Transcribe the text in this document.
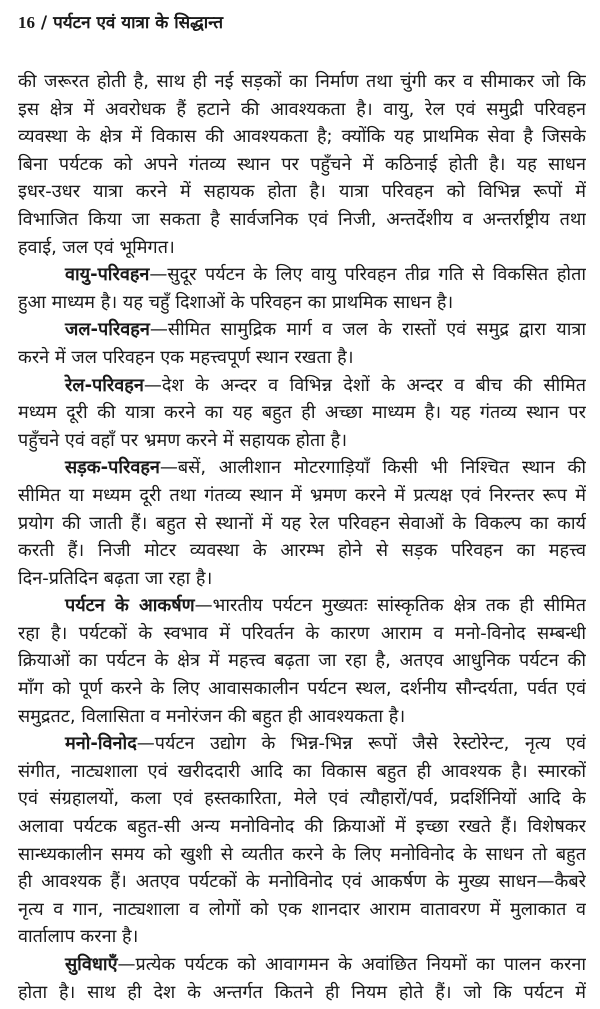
16 / पर्यटन एवं यात्रा के सिद्धान्त
की जरूरत होती है, साथ ही नई सड़कों का निर्माण तथा चुंगी कर व सीमाकर जो कि
इस क्षेत्र में अवरोधक हैं हटाने की आवश्यकता है। वायु, रेल एवं समुद्री परिवहन
व्यवस्था के क्षेत्र में विकास की आवश्यकता है; क्योंकि यह प्राथमिक सेवा है जिसके
बिना पर्यटक को अपने गंतव्य स्थान पर पहुँचने में कठिनाई होती है। यह साधन
इधर-उधर यात्रा करने में सहायक होता है। यात्रा परिवहन को विभिन्न रूपों में
विभाजित किया जा सकता है सार्वजनिक एवं निजी, अन्तर्देशीय व अन्तर्राष्ट्रीय तथा
हवाई, जल एवं भूमिगत।
वायु-परिवहन—सुदूर पर्यटन के लिए वायु परिवहन तीव्र गति से विकसित होता
हुआ माध्यम है। यह चहुँ दिशाओं के परिवहन का प्राथमिक साधन है।
जल-परिवहन—सीमित सामुद्रिक मार्ग व जल के रास्तों एवं समुद्र द्वारा यात्रा
करने में जल परिवहन एक महत्त्वपूर्ण स्थान रखता है।
रेल-परिवहन—देश के अन्दर व विभिन्न देशों के अन्दर व बीच की सीमित
मध्यम दूरी की यात्रा करने का यह बहुत ही अच्छा माध्यम है। यह गंतव्य स्थान पर
पहुँचने एवं वहाँ पर भ्रमण करने में सहायक होता है।
सड़क-परिवहन—बसें, आलीशान मोटरगाड़ियाँ किसी भी निश्चित स्थान की
सीमित या मध्यम दूरी तथा गंतव्य स्थान में भ्रमण करने में प्रत्यक्ष एवं निरन्तर रूप में
प्रयोग की जाती हैं। बहुत से स्थानों में यह रेल परिवहन सेवाओं के विकल्प का कार्य
करती हैं। निजी मोटर व्यवस्था के आरम्भ होने से सड़क परिवहन का महत्त्व
दिन-प्रतिदिन बढ़ता जा रहा है।
पर्यटन के आकर्षण—भारतीय पर्यटन मुख्यतः सांस्कृतिक क्षेत्र तक ही सीमित
रहा है। पर्यटकों के स्वभाव में परिवर्तन के कारण आराम व मनो-विनोद सम्बन्धी
क्रियाओं का पर्यटन के क्षेत्र में महत्त्व बढ़ता जा रहा है, अतएव आधुनिक पर्यटन की
माँग को पूर्ण करने के लिए आवासकालीन पर्यटन स्थल, दर्शनीय सौन्दर्यता, पर्वत एवं
समुद्रतट, विलासिता व मनोरंजन की बहुत ही आवश्यकता है।
मनो-विनोद—पर्यटन उद्योग के भिन्न-भिन्न रूपों जैसे रेस्टोरेन्ट, नृत्य एवं
संगीत, नाट्यशाला एवं खरीददारी आदि का विकास बहुत ही आवश्यक है। स्मारकों
एवं संग्रहालयों, कला एवं हस्तकारिता, मेले एवं त्यौहारों/पर्व, प्रदर्शिनियों आदि के
अलावा पर्यटक बहुत-सी अन्य मनोविनोद की क्रियाओं में इच्छा रखते हैं। विशेषकर
सान्ध्यकालीन समय को खुशी से व्यतीत करने के लिए मनोविनोद के साधन तो बहुत
ही आवश्यक हैं। अतएव पर्यटकों के मनोविनोद एवं आकर्षण के मुख्य साधन—कैबरे
नृत्य व गान, नाट्यशाला व लोगों को एक शानदार आराम वातावरण में मुलाकात व
वार्तालाप करना है।
सुविधाएँ—प्रत्येक पर्यटक को आवागमन के अवांछित नियमों का पालन करना
होता है। साथ ही देश के अन्तर्गत कितने ही नियम होते हैं। जो कि पर्यटन में
